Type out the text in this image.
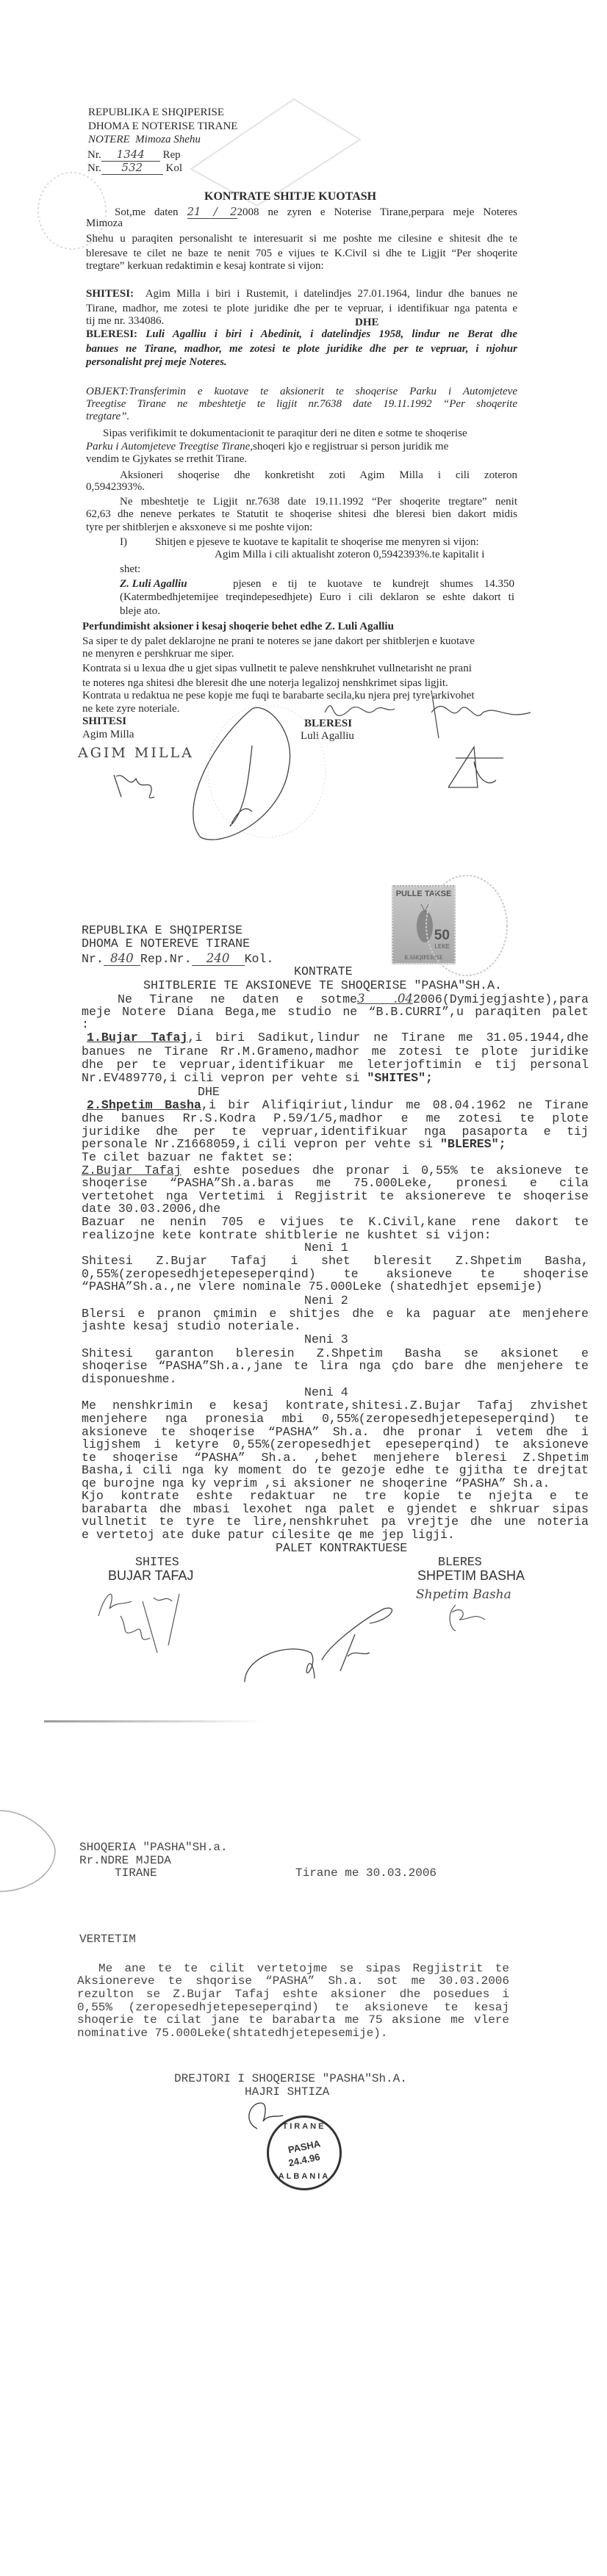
REPUBLIKA E SHQIPERISE
DHOMA E NOTERISE TIRANE
NOTERE Mimoza Shehu
Nr. 1344 Rep
Nr. 532 Kol
KONTRATE SHITJE KUOTASH
Sot,me daten 21 / 22008 ne zyren e Noterise Tirane,perpara meje Noteres
Mimoza
Shehu u paraqiten personalisht te interesuarit si me poshte me cilesine e shitesit dhe te
bleresave te cilet ne baze te nenit 705 e vijues te K.Civil si dhe te Ligjit “Per shoqerite
tregtare” kerkuan redaktimin e kesaj kontrate si vijon:
SHITESI: Agim Milla i biri i Rustemit, i datelindjes 27.01.1964, lindur dhe banues ne
Tirane, madhor, me zotesi te plote juridike dhe per te vepruar, i identifikuar nga patenta e
tij me nr. 334086.	DHE
BLERESI: Luli Agalliu i biri i Abedinit, i datelindjes 1958, lindur ne Berat dhe
banues ne Tirane, madhor, me zotesi te plote juridike dhe per te vepruar, i njohur
personalisht prej meje Noteres.
OBJEKT:Transferimin e kuotave te aksionerit te shoqerise Parku i Automjeteve
Treegtise Tirane ne mbeshtetje te ligjit nr.7638 date 19.11.1992 “Per shoqerite
tregtare”.
Sipas verifikimit te dokumentacionit te paraqitur deri ne diten e sotme te shoqerise
Parku i Automjeteve Treegtise Tirane,shoqeri kjo e regjistruar si person juridik me
vendim te Gjykates se rrethit Tirane.
Aksioneri shoqerise dhe konkretisht zoti Agim Milla i cili zoteron
0,5942393%.
Ne mbeshtetje te Ligjit nr.7638 date 19.11.1992 “Per shoqerite tregtare” nenit
62,63 dhe neneve perkates te Statutit te shoqerise shitesi dhe bleresi bien dakort midis
tyre per shitblerjen e aksxoneve si me poshte vijon:
I)	Shitjen e pjeseve te kuotave te kapitalit te shoqerise me menyren si vijon:
Agim Milla i cili aktualisht zoteron 0,5942393%.te kapitalit i
shet:
Z. Luli Agalliu	pjesen e tij te kuotave te kundrejt shumes 14.350
(Katermbedhjetemijee treqindepesedhjete) Euro i cili deklaron se eshte dakort ti
bleje ato.
Perfundimisht aksioner i kesaj shoqerie behet edhe Z. Luli Agalliu
Sa siper te dy palet deklarojne ne prani te noteres se jane dakort per shitblerjen e kuotave
ne menyren e pershkruar me siper.
Kontrata si u lexua dhe u gjet sipas vullnetit te paleve nenshkruhet vullnetarisht ne prani
te noteres nga shitesi dhe bleresit dhe une noterja legalizoj nenshkrimet sipas ligjit.
Kontrata u redaktua ne pese kopje me fuqi te barabarte secila,ku njera prej tyre arkivohet
ne kete zyre noteriale.
SHITESI
Agim Milla
BLERESI
Luli Agalliu
AGIM MILLA
PULLE TAKSE
50
LEKE
R.SHQIPERISE
REPUBLIKA E SHQIPERISE
DHOMA E NOTEREVE TIRANE
Nr. 840 Rep.Nr. 240 Kol.
KONTRATE
SHITBLERIE TE AKSIONEVE TE SHOQERISE "PASHA"SH.A.
Ne Tirane ne daten e sotme3 .042006(Dymijegjashte),para
meje Notere Diana Bega,me studio ne “B.B.CURRI”,u paraqiten palet
:
1.Bujar Tafaj,i biri Sadikut,lindur ne Tirane me 31.05.1944,dhe
banues ne Tirane Rr.M.Grameno,madhor me zotesi te plote juridike
dhe per te vepruar,identifikuar me leterjoftimin e tij personal
Nr.EV489770,i cili vepron per vehte si "SHITES";
DHE
2.Shpetim Basha,i bir Alifiqiriut,lindur me 08.04.1962 ne Tirane
dhe banues Rr.S.Kodra P.59/1/5,madhor e me zotesi te plote
juridike dhe per te vepruar,identifikuar nga pasaporta e tij
personale Nr.Z1668059,i cili vepron per vehte si "BLERES";
Te cilet bazuar ne faktet se:
Z.Bujar Tafaj eshte posedues dhe pronar i 0,55% te aksioneve te
shoqerise “PASHA”Sh.a.baras me 75.000Leke, pronesi e cila
vertetohet nga Vertetimi i Regjistrit te aksionereve te shoqerise
date 30.03.2006,dhe
Bazuar ne nenin 705 e vijues te K.Civil,kane rene dakort te
realizojne kete kontrate shitblerie ne kushtet si vijon:
Neni 1
Shitesi Z.Bujar Tafaj i shet bleresit Z.Shpetim Basha,
0,55%(zeropesedhjetepeseperqind) te aksioneve te shoqerise
“PASHA”Sh.a.,ne vlere nominale 75.000Leke (shatedhjet epsemije)
Neni 2
Blersi e pranon çmimin e shitjes dhe e ka paguar ate menjehere
jashte kesaj studio noteriale.
Neni 3
Shitesi garanton bleresin Z.Shpetim Basha se aksionet e
shoqerise “PASHA”Sh.a.,jane te lira nga çdo bare dhe menjehere te
disponueshme.
Neni 4
Me nenshkrimin e kesaj kontrate,shitesi.Z.Bujar Tafaj zhvishet
menjehere nga pronesia mbi 0,55%(zeropesedhjetepeseperqind) te
aksioneve te shoqerise “PASHA” Sh.a. dhe pronar i vetem dhe i
ligjshem i ketyre 0,55%(zeropesedhjet epeseperqind) te aksioneve
te shoqerise “PASHA” Sh.a. ,behet menjehere bleresi Z.Shpetim
Basha,i cili nga ky moment do te gezoje edhe te gjitha te drejtat
qe burojne nga ky veprim ,si aksioner ne shoqerine “PASHA” Sh.a.
Kjo kontrate eshte redaktuar ne tre kopie te njejta e te
barabarta dhe mbasi lexohet nga palet e gjendet e shkruar sipas
vullnetit te tyre te lire,nenshkruhet pa vrejtje dhe une noteria
e vertetoj ate duke patur cilesite qe me jep ligji.
PALET KONTRAKTUESE
SHITES
BUJAR TAFAJ
BLERES
SHPETIM BASHA
Shpetim Basha
SHOQERIA "PASHA"SH.a.
Rr.NDRE MJEDA
TIRANE	Tirane me 30.03.2006
VERTETIM
Me ane te te cilit vertetojme se sipas Regjistrit te
Aksionereve te shqorise “PASHA” Sh.a. sot me 30.03.2006
rezulton se Z.Bujar Tafaj eshte aksioner dhe posedues i
0,55% (zeropesedhjetepeseperqind) te aksioneve te kesaj
shoqerie te cilat jane te barabarta me 75 aksione me vlere
nominative 75.000Leke(shtatedhjetepesemije).
DREJTORI I SHOQERISE "PASHA"Sh.A.
HAJRI SHTIZA
TIRANE
PASHA
24.4.96
ALBANIA
